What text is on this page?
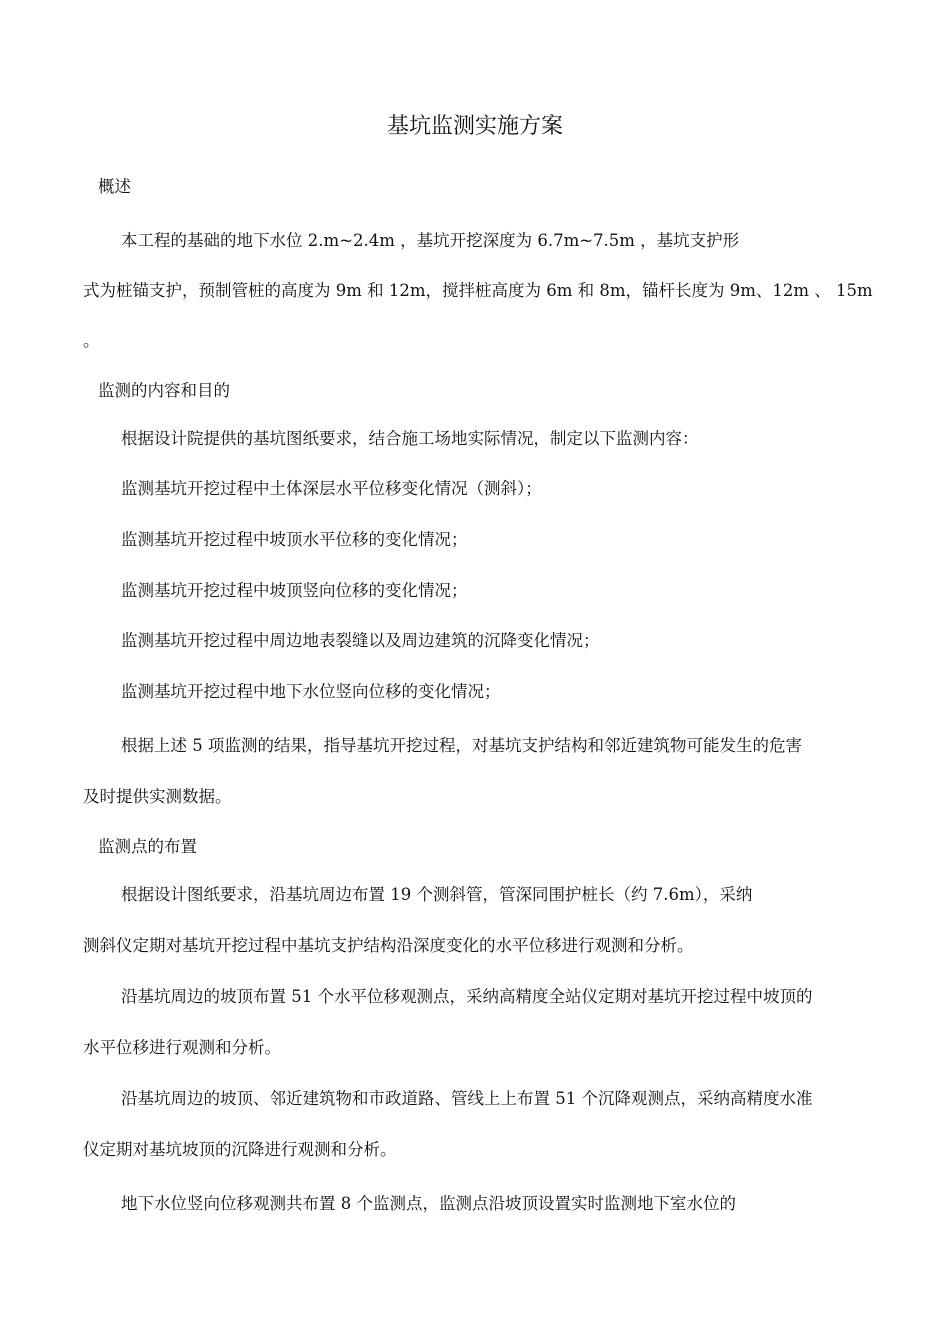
基坑监测实施方案

概述

本工程的基础的地下水位 2.m~2.4m ，基坑开挖深度为 6.7m~7.5m ，基坑支护形

式为桩锚支护，预制管桩的高度为 9m 和 12m，搅拌桩高度为 6m 和 8m，锚杆长度为 9m、12m 、 15m

。

监测的内容和目的

根据设计院提供的基坑图纸要求，结合施工场地实际情况，制定以下监测内容：

监测基坑开挖过程中土体深层水平位移变化情况（测斜）；

监测基坑开挖过程中坡顶水平位移的变化情况；

监测基坑开挖过程中坡顶竖向位移的变化情况；

监测基坑开挖过程中周边地表裂缝以及周边建筑的沉降变化情况；

监测基坑开挖过程中地下水位竖向位移的变化情况；

根据上述 5 项监测的结果，指导基坑开挖过程，对基坑支护结构和邻近建筑物可能发生的危害

及时提供实测数据。

监测点的布置

根据设计图纸要求，沿基坑周边布置 19 个测斜管，管深同围护桩长（约 7.6m），采纳

测斜仪定期对基坑开挖过程中基坑支护结构沿深度变化的水平位移进行观测和分析。

沿基坑周边的坡顶布置 51 个水平位移观测点，采纳高精度全站仪定期对基坑开挖过程中坡顶的

水平位移进行观测和分析。

沿基坑周边的坡顶、邻近建筑物和市政道路、管线上上布置 51 个沉降观测点，采纳高精度水准

仪定期对基坑坡顶的沉降进行观测和分析。

地下水位竖向位移观测共布置 8 个监测点，监测点沿坡顶设置实时监测地下室水位的
